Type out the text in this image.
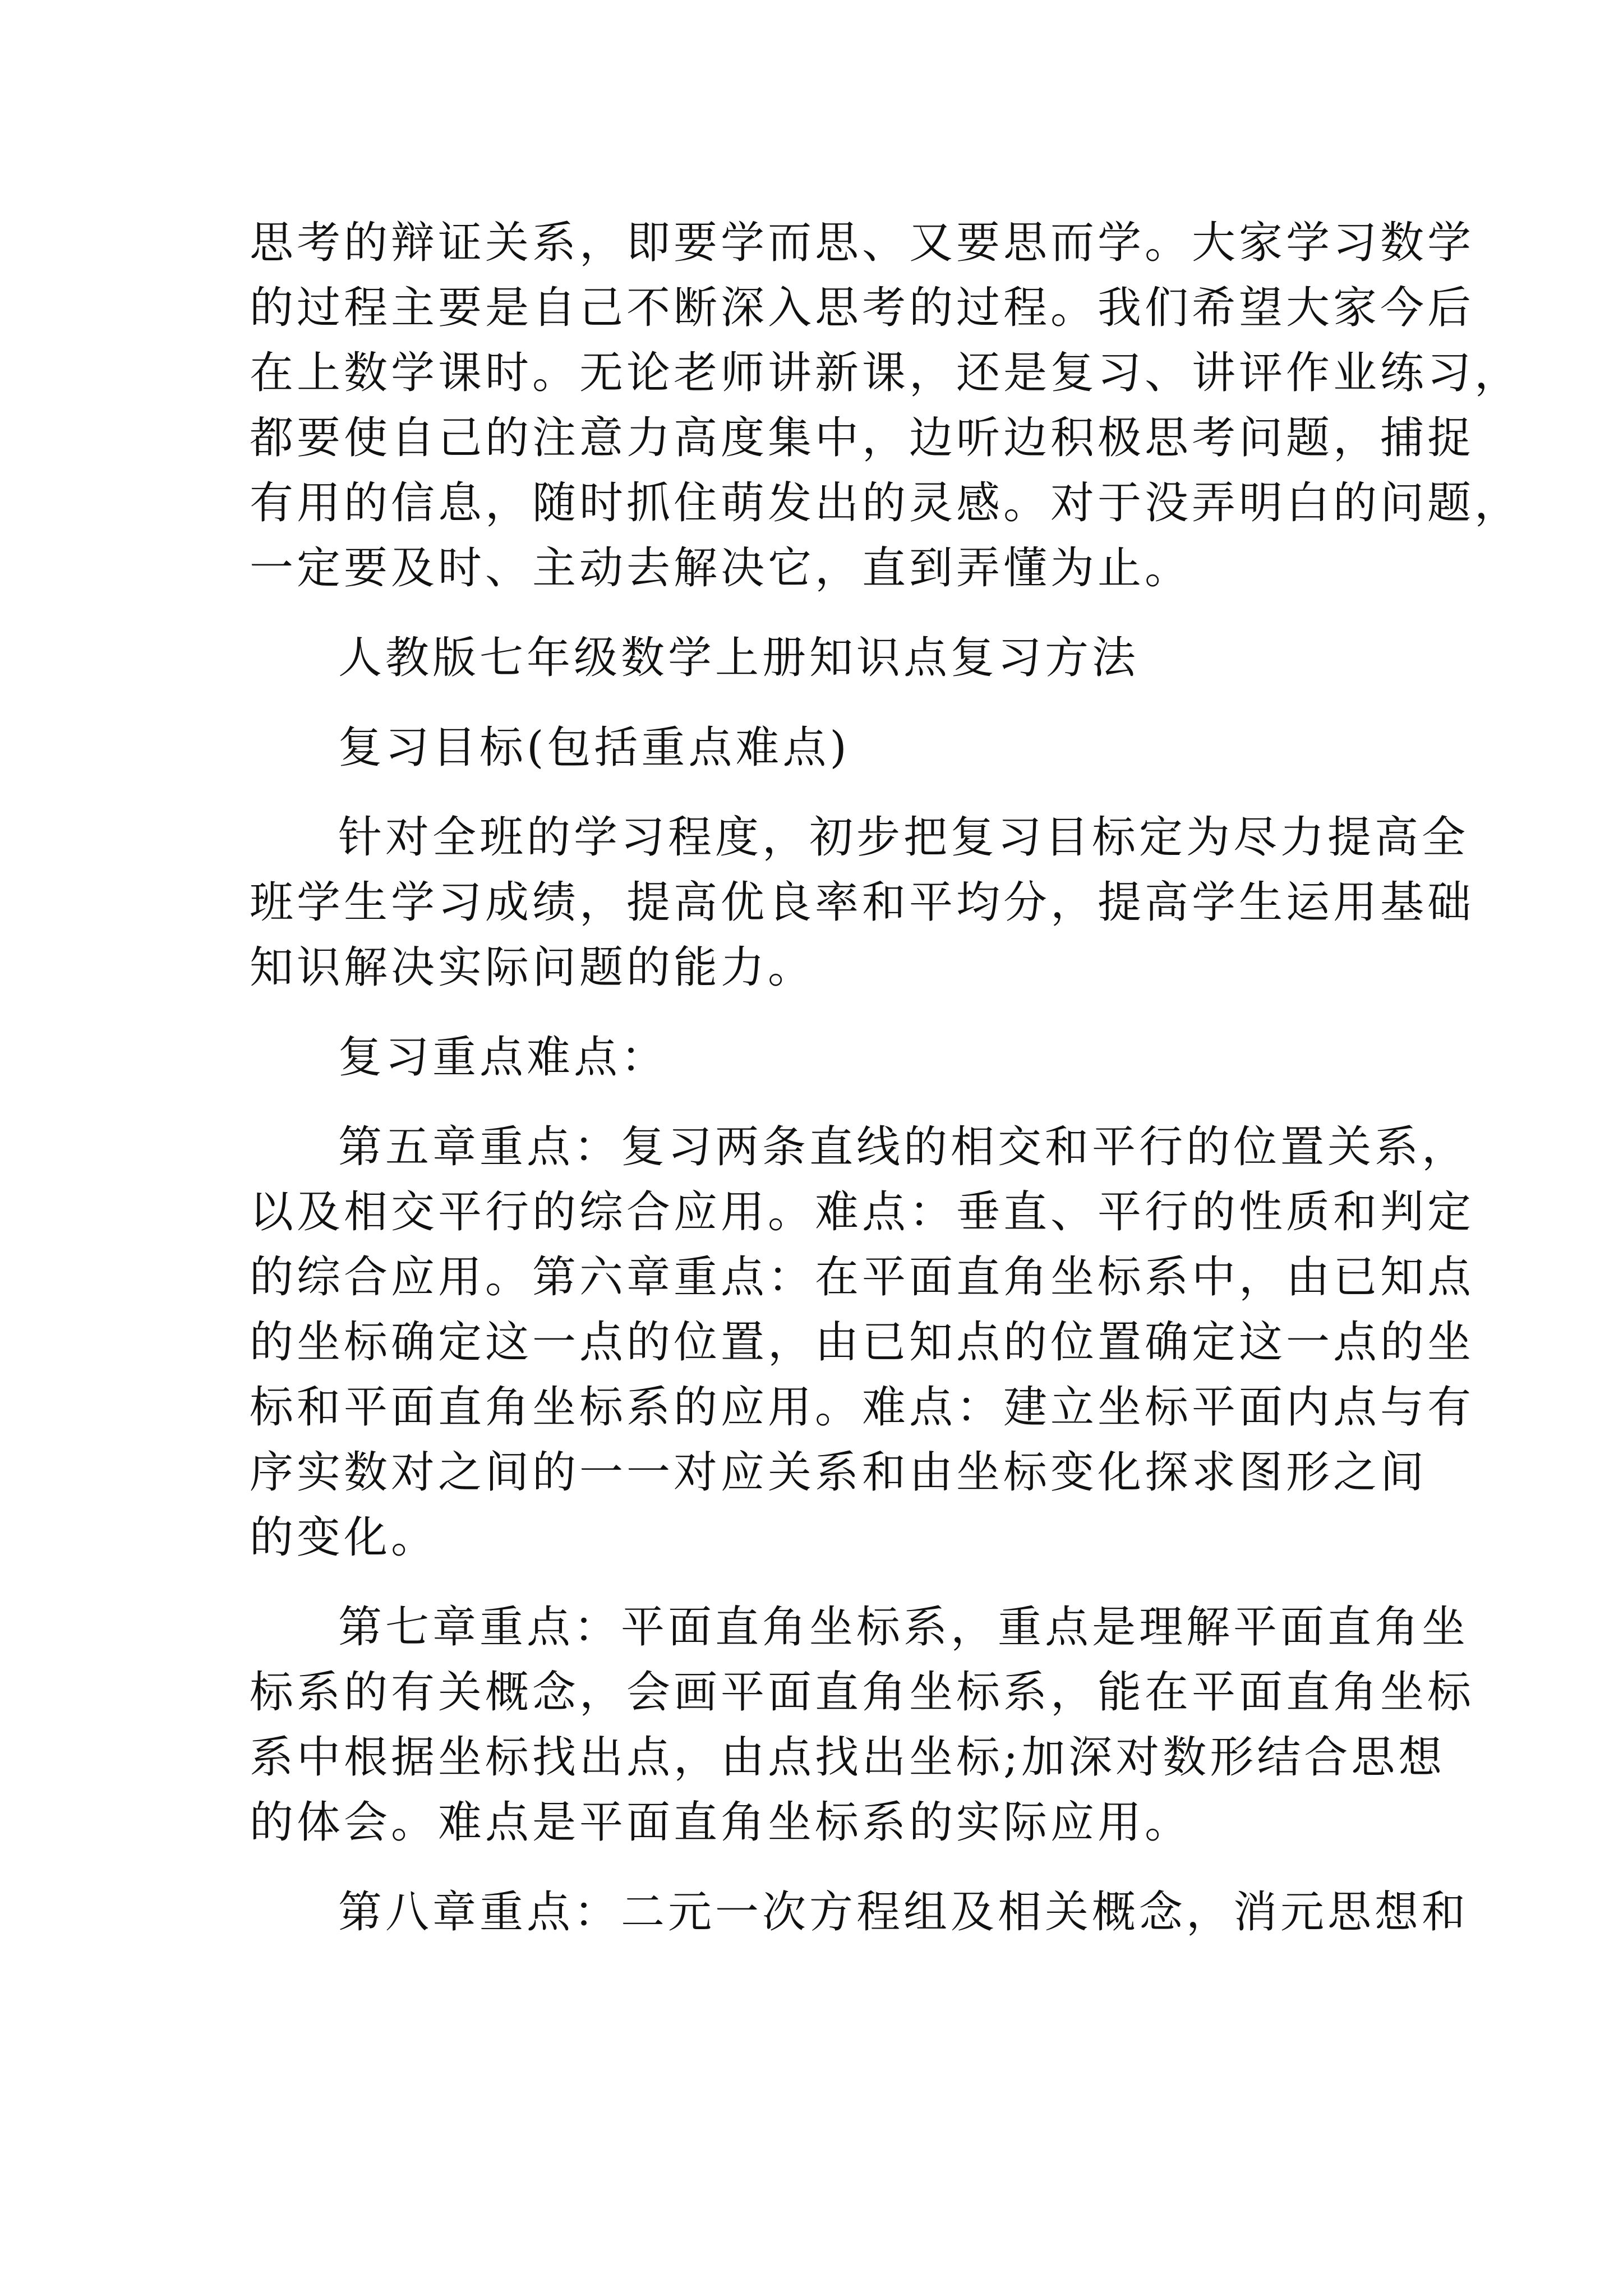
思考的辩证关系，即要学而思、又要思而学。大家学习数学
的过程主要是自己不断深入思考的过程。我们希望大家今后
在上数学课时。无论老师讲新课，还是复习、讲评作业练习，
都要使自己的注意力高度集中，边听边积极思考问题，捕捉
有用的信息，随时抓住萌发出的灵感。对于没弄明白的问题，
一定要及时、主动去解决它，直到弄懂为止。
人教版七年级数学上册知识点复习方法
复习目标(包括重点难点)
针对全班的学习程度，初步把复习目标定为尽力提高全
班学生学习成绩，提高优良率和平均分，提高学生运用基础
知识解决实际问题的能力。
复习重点难点：
第五章重点：复习两条直线的相交和平行的位置关系，
以及相交平行的综合应用。难点：垂直、平行的性质和判定
的综合应用。第六章重点：在平面直角坐标系中，由已知点
的坐标确定这一点的位置，由已知点的位置确定这一点的坐
标和平面直角坐标系的应用。难点：建立坐标平面内点与有
序实数对之间的一一对应关系和由坐标变化探求图形之间
的变化。
第七章重点：平面直角坐标系，重点是理解平面直角坐
标系的有关概念，会画平面直角坐标系，能在平面直角坐标
系中根据坐标找出点，由点找出坐标;加深对数形结合思想
的体会。难点是平面直角坐标系的实际应用。
第八章重点：二元一次方程组及相关概念，消元思想和
